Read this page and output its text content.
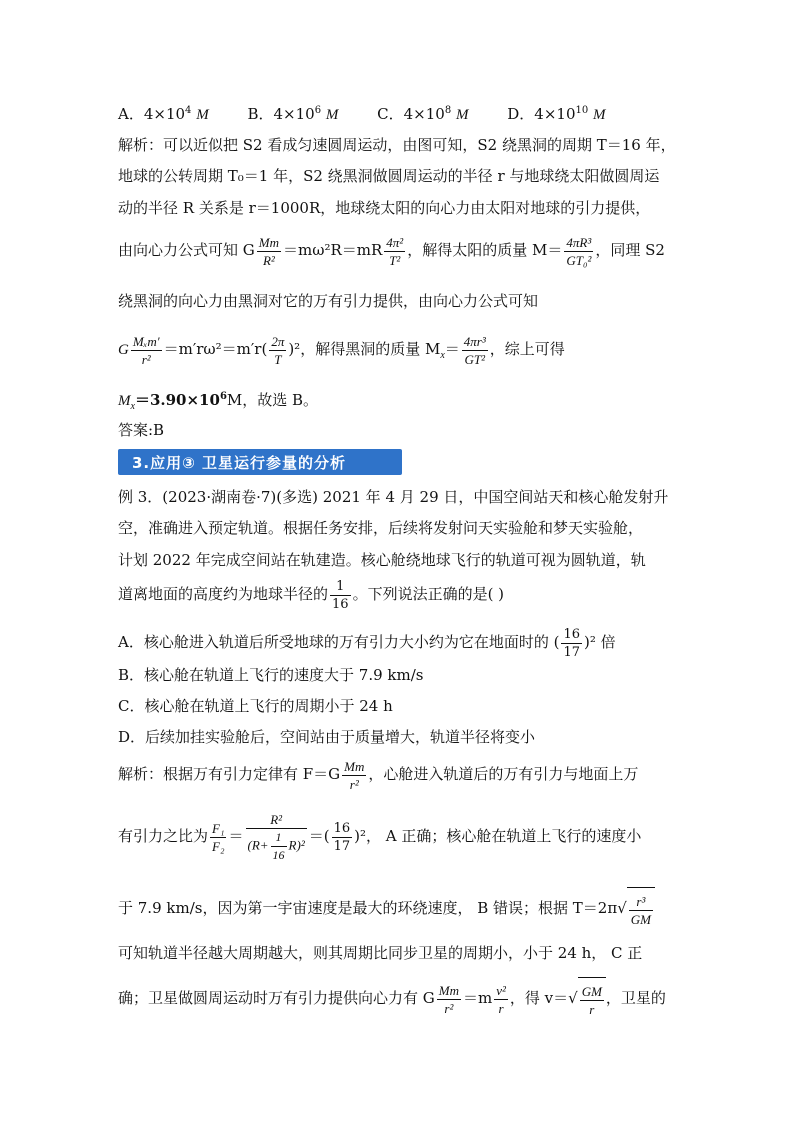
A．$4\times 10^4$ M	B．$4\times 10^6$ M	C．$4\times 10^8$ M	D．$4\times 10^{10}$ M
解析：可以近似把 S2 看成匀速圆周运动，由图可知，S2 绕黑洞的周期 T＝16 年，
地球的公转周期 T₀＝1 年，S2 绕黑洞做圆周运动的半径 r 与地球绕太阳做圆周运
动的半径 R 关系是 r＝1000R，地球绕太阳的向心力由太阳对地球的引力提供，
由向心力公式可知 G $\frac{Mm}{\text{R²}} =m\omega^2R=mR \frac{\text{4π²}}{\text{T²}}$ ，解得太阳的质量 $M= \frac{\text{4πR³}}{\text{GT₀²}}$ ，同理 S2
绕黑洞的向心力由黑洞对它的万有引力提供，由向心力公式可知
G
Mₓm′
r²
$=m'r\omega^2=m'r( \frac{2\pi}{T} )^2$，解得黑洞的质量 $M_x= \frac{\text{4πr³}}{\text{GT²}}$ ，综上可得
$M_x=3.90\times 10^6M$，故选 B。
答案:B
3.应用③ 卫星运行参量的分析
例 3．(2023·湖南卷·7)(多选) 2021 年 4 月 29 日，中国空间站天和核心舱发射升
空，准确进入预定轨道。根据任务安排，后续将发射问天实验舱和梦天实验舱，
计划 2022 年完成空间站在轨建造。核心舱绕地球飞行的轨道可视为圆轨道，轨
道离地面的高度约为地球半径的 $\frac{1}{16}$ 。下列说法正确的是( )
A．核心舱进入轨道后所受地球的万有引力大小约为它在地面时的 ( $\frac{16}{17} )^2$ 倍
B．核心舱在轨道上飞行的速度大于 7.9 km/s
C．核心舱在轨道上飞行的周期小于 24 h
D．后续加挂实验舱后，空间站由于质量增大，轨道半径将变小
解析：根据万有引力定律有 $F=G \frac{Mm}{\text{r²}}$ ，心舱进入轨道后的万有引力与地面上万
有引力之比为 $\frac{\text{F₁}}{\text{F₂}} = \frac{\text{R²}}{(R+ \frac{1}{16} R)^2}$ ＝( $\frac{16}{17} )^2$， A 正确；核心舱在轨道上飞行的速度小
于 7.9 km/s，因为第一宇宙速度是最大的环绕速度， B 错误；根据 $T=2\pi√ \frac{\text{r³}}{GM}$
可知轨道半径越大周期越大，则其周期比同步卫星的周期小，小于 24 h， C 正
确；卫星做圆周运动时万有引力提供向心力有 G $\frac{Mm}{\text{r²}} =m \frac{\text{v²}}{r}$ ，得 $v=√ \frac{GM}{r}$ ，卫星的
